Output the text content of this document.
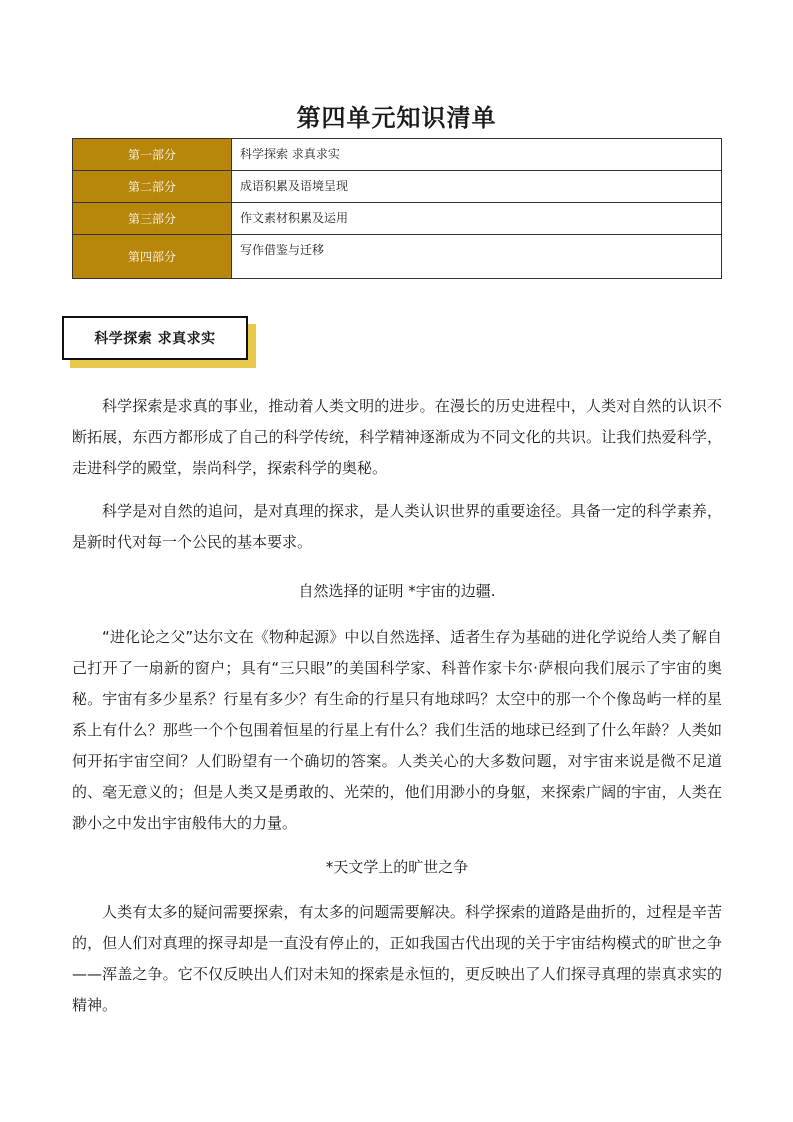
第四单元知识清单
第一部分	科学探索 求真求实
第二部分	成语积累及语境呈现
第三部分	作文素材积累及运用
第四部分	写作借鉴与迁移
科学探索 求真求实

科学探索是求真的事业，推动着人类文明的进步。在漫长的历史进程中，人类对自然的认识不断拓展，东西方都形成了自己的科学传统，科学精神逐渐成为不同文化的共识。让我们热爱科学，走进科学的殿堂，崇尚科学，探索科学的奥秘。

科学是对自然的追问，是对真理的探求，是人类认识世界的重要途径。具备一定的科学素养，是新时代对每一个公民的基本要求。

自然选择的证明 *宇宙的边疆.

“进化论之父”达尔文在《物种起源》中以自然选择、适者生存为基础的进化学说给人类了解自己打开了一扇新的窗户；具有“三只眼”的美国科学家、科普作家卡尔·萨根向我们展示了宇宙的奥秘。宇宙有多少星系？行星有多少？有生命的行星只有地球吗？太空中的那一个个像岛屿一样的星系上有什么？那些一个个包围着恒星的行星上有什么？我们生活的地球已经到了什么年龄？人类如何开拓宇宙空间？人们盼望有一个确切的答案。人类关心的大多数问题，对宇宙来说是微不足道的、毫无意义的；但是人类又是勇敢的、光荣的，他们用渺小的身躯，来探索广阔的宇宙，人类在渺小之中发出宇宙般伟大的力量。

*天文学上的旷世之争

人类有太多的疑问需要探索，有太多的问题需要解决。科学探索的道路是曲折的，过程是辛苦的，但人们对真理的探寻却是一直没有停止的，正如我国古代出现的关于宇宙结构模式的旷世之争——浑盖之争。它不仅反映出人们对未知的探索是永恒的，更反映出了人们探寻真理的崇真求实的精神。
